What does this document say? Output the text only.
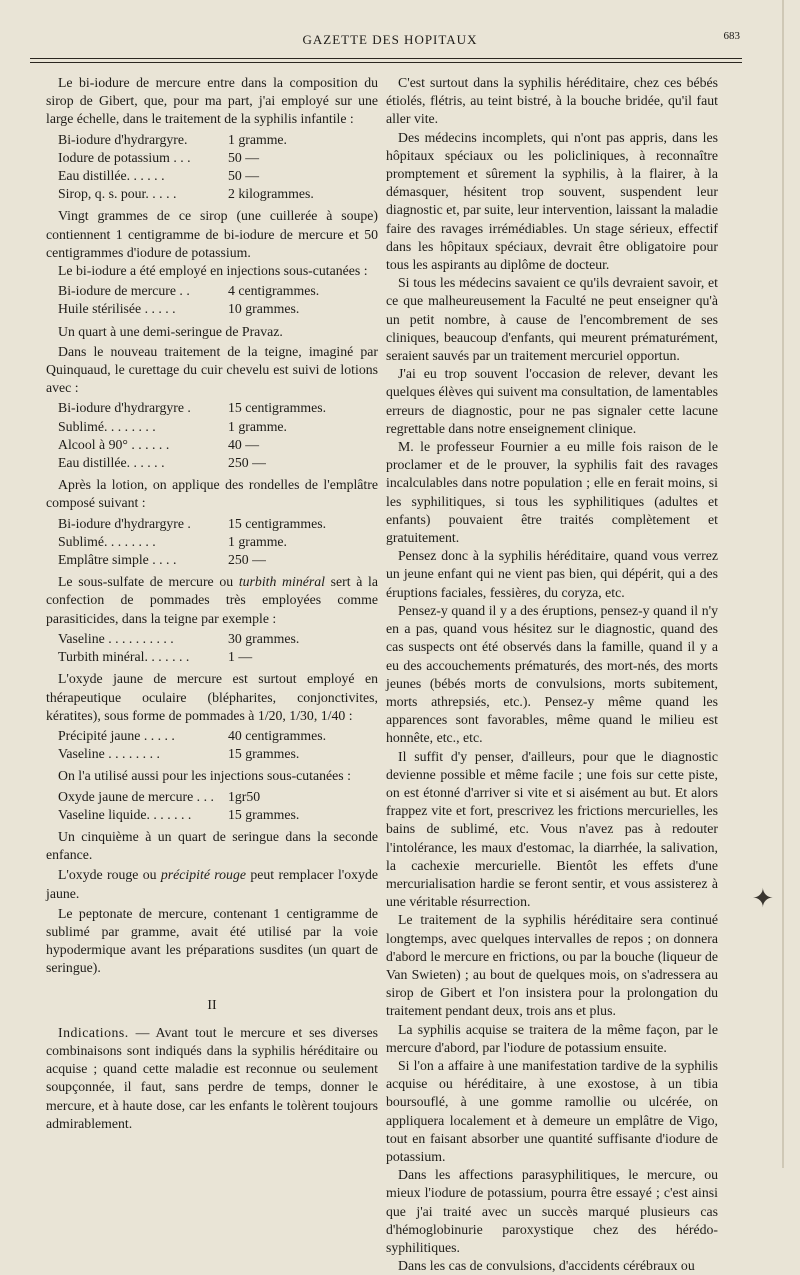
GAZETTE DES HOPITAUX	683

Le bi-iodure de mercure entre dans la composition du sirop de Gibert, que, pour ma part, j'ai employé sur une large échelle, dans le traitement de la syphilis infantile :

Bi-iodure d'hydrargyre.	1 gramme.
Iodure de potassium . . .	50 —
Eau distillée. . . . . .	50 —
Sirop, q. s. pour. . . . .	2 kilogrammes.

Vingt grammes de ce sirop (une cuillerée à soupe) contiennent 1 centigramme de bi-iodure de mercure et 50 centigrammes d'iodure de potassium.

Le bi-iodure a été employé en injections sous-cutanées :

Bi-iodure de mercure . .	4 centigrammes.
Huile stérilisée . . . . .	10 grammes.

Un quart à une demi-seringue de Pravaz.

Dans le nouveau traitement de la teigne, imaginé par Quinquaud, le curettage du cuir chevelu est suivi de lotions avec :

Bi-iodure d'hydrargyre .	15 centigrammes.
Sublimé. . . . . . . .	1 gramme.
Alcool à 90° . . . . . .	40 —
Eau distillée. . . . . .	250 —

Après la lotion, on applique des rondelles de l'emplâtre composé suivant :

Bi-iodure d'hydrargyre .	15 centigrammes.
Sublimé. . . . . . . .	1 gramme.
Emplâtre simple . . . .	250 —

Le sous-sulfate de mercure ou turbith minéral sert à la confection de pommades très employées comme parasiticides, dans la teigne par exemple :

Vaseline . . . . . . . . . .	30 grammes.
Turbith minéral. . . . . . .	1 —

L'oxyde jaune de mercure est surtout employé en thérapeutique oculaire (blépharites, conjonctivites, kératites), sous forme de pommades à 1/20, 1/30, 1/40 :

Précipité jaune . . . . .	40 centigrammes.
Vaseline . . . . . . . .	15 grammes.

On l'a utilisé aussi pour les injections sous-cutanées :

Oxyde jaune de mercure . . .	1gr50
Vaseline liquide. . . . . . .	15 grammes.

Un cinquième à un quart de seringue dans la seconde enfance.

L'oxyde rouge ou précipité rouge peut remplacer l'oxyde jaune.

Le peptonate de mercure, contenant 1 centigramme de sublimé par gramme, avait été utilisé par la voie hypodermique avant les préparations susdites (un quart de seringue).

II

Indications. — Avant tout le mercure et ses diverses combinaisons sont indiqués dans la syphilis héréditaire ou acquise ; quand cette maladie est reconnue ou seulement soupçonnée, il faut, sans perdre de temps, donner le mercure, et à haute dose, car les enfants le tolèrent toujours admirablement.

C'est surtout dans la syphilis héréditaire, chez ces bébés étiolés, flétris, au teint bistré, à la bouche bridée, qu'il faut aller vite.

Des médecins incomplets, qui n'ont pas appris, dans les hôpitaux spéciaux ou les policliniques, à reconnaître promptement et sûrement la syphilis, à la flairer, à la démasquer, hésitent trop souvent, suspendent leur diagnostic et, par suite, leur intervention, laissant la maladie faire des ravages irrémédiables. Un stage sérieux, effectif dans les hôpitaux spéciaux, devrait être obligatoire pour tous les aspirants au diplôme de docteur.

Si tous les médecins savaient ce qu'ils devraient savoir, et ce que malheureusement la Faculté ne peut enseigner qu'à un petit nombre, à cause de l'encombrement de ses cliniques, beaucoup d'enfants, qui meurent prématurément, seraient sauvés par un traitement mercuriel opportun.

J'ai eu trop souvent l'occasion de relever, devant les quelques élèves qui suivent ma consultation, de lamentables erreurs de diagnostic, pour ne pas signaler cette lacune regrettable dans notre enseignement clinique.

M. le professeur Fournier a eu mille fois raison de le proclamer et de le prouver, la syphilis fait des ravages incalculables dans notre population ; elle en ferait moins, si les syphilitiques, si tous les syphilitiques (adultes et enfants) pouvaient être traités complètement et gratuitement.

Pensez donc à la syphilis héréditaire, quand vous verrez un jeune enfant qui ne vient pas bien, qui dépérit, qui a des éruptions faciales, fessières, du coryza, etc.

Pensez-y quand il y a des éruptions, pensez-y quand il n'y en a pas, quand vous hésitez sur le diagnostic, quand des cas suspects ont été observés dans la famille, quand il y a eu des accouchements prématurés, des mort-nés, des morts jeunes (bébés morts de convulsions, morts subitement, morts athrepsiés, etc.). Pensez-y même quand les apparences sont favorables, même quand le milieu est honnête, etc., etc.

Il suffit d'y penser, d'ailleurs, pour que le diagnostic devienne possible et même facile ; une fois sur cette piste, on est étonné d'arriver si vite et si aisément au but. Et alors frappez vite et fort, prescrivez les frictions mercurielles, les bains de sublimé, etc. Vous n'avez pas à redouter l'intolérance, les maux d'estomac, la diarrhée, la salivation, la cachexie mercurielle. Bientôt les effets d'une mercurialisation hardie se feront sentir, et vous assisterez à une véritable résurrection.

Le traitement de la syphilis héréditaire sera continué longtemps, avec quelques intervalles de repos ; on donnera d'abord le mercure en frictions, ou par la bouche (liqueur de Van Swieten) ; au bout de quelques mois, on s'adressera au sirop de Gibert et l'on insistera pour la prolongation du traitement pendant deux, trois ans et plus.

La syphilis acquise se traitera de la même façon, par le mercure d'abord, par l'iodure de potassium ensuite.

Si l'on a affaire à une manifestation tardive de la syphilis acquise ou héréditaire, à une exostose, à un tibia boursouflé, à une gomme ramollie ou ulcérée, on appliquera localement et à demeure un emplâtre de Vigo, tout en faisant absorber une quantité suffisante d'iodure de potassium.

Dans les affections parasyphilitiques, le mercure, ou mieux l'iodure de potassium, pourra être essayé ; c'est ainsi que j'ai traité avec un succès marqué plusieurs cas d'hémoglobinurie paroxystique chez des hérédo-syphilitiques.

Dans les cas de convulsions, d'accidents cérébraux ou

✦
